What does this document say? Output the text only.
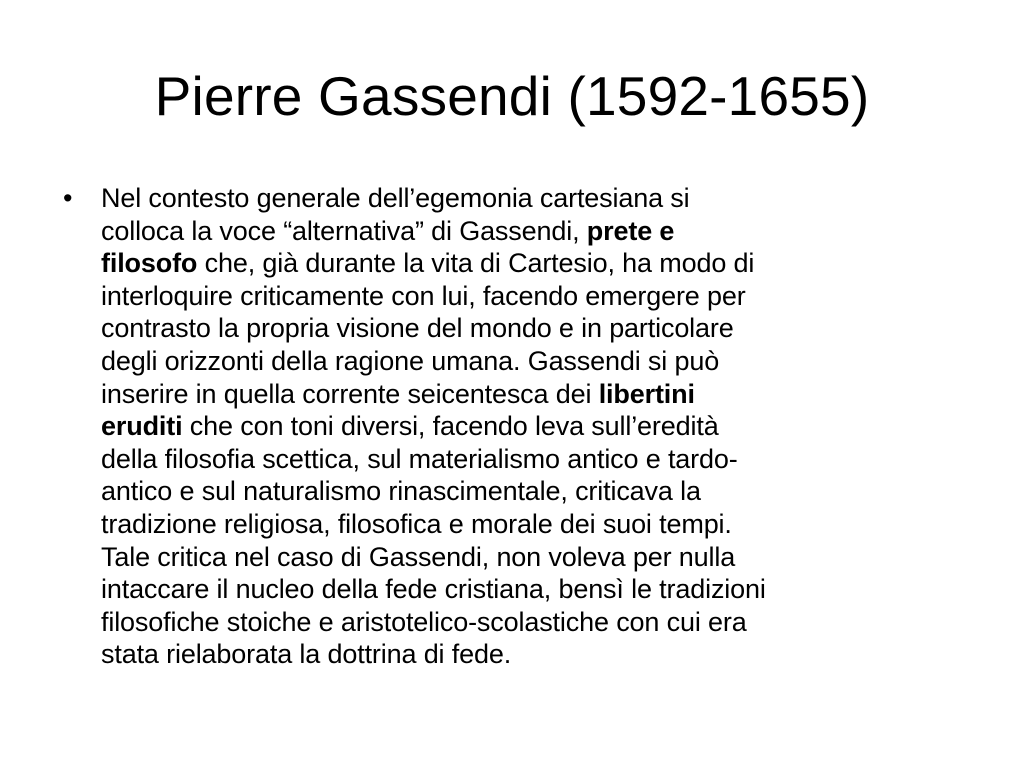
Pierre Gassendi (1592-1655)
• Nel contesto generale dell’egemonia cartesiana si
colloca la voce “alternativa” di Gassendi, prete e
filosofo che, già durante la vita di Cartesio, ha modo di
interloquire criticamente con lui, facendo emergere per
contrasto la propria visione del mondo e in particolare
degli orizzonti della ragione umana. Gassendi si può
inserire in quella corrente seicentesca dei libertini
eruditi che con toni diversi, facendo leva sull’eredità
della filosofia scettica, sul materialismo antico e tardo-
antico e sul naturalismo rinascimentale, criticava la
tradizione religiosa, filosofica e morale dei suoi tempi.
Tale critica nel caso di Gassendi, non voleva per nulla
intaccare il nucleo della fede cristiana, bensì le tradizioni
filosofiche stoiche e aristotelico-scolastiche con cui era
stata rielaborata la dottrina di fede.
